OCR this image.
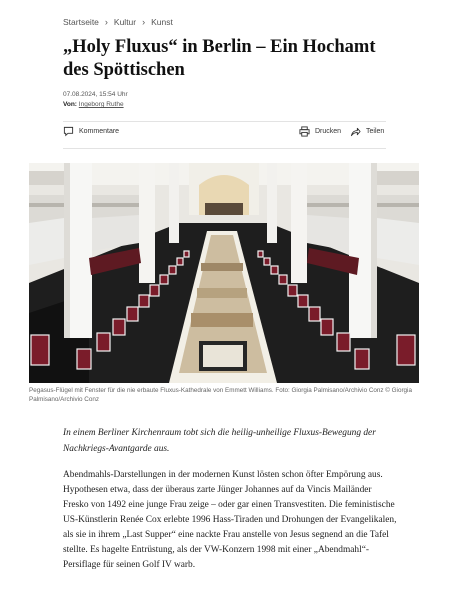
Startseite › Kultur › Kunst
„Holy Fluxus“ in Berlin – Ein Hochamt des Spöttischen
07.08.2024, 15:54 Uhr
Von: Ingeborg Ruthe
Kommentare	Drucken	Teilen
Pegasus-Flügel mit Fenster für die nie erbaute Fluxus-Kathedrale von Emmett Williams. Foto: Giorgia Palmisano/Archivio Conz © Giorgia Palmisano/Archivio Conz

In einem Berliner Kirchenraum tobt sich die heilig-unheilige Fluxus-Bewegung der Nachkriegs-Avantgarde aus.

Abendmahls-Darstellungen in der modernen Kunst lösten schon öfter Empörung aus. Hypothesen etwa, dass der überaus zarte Jünger Johannes auf da Vincis Mailänder Fresko von 1492 eine junge Frau zeige – oder gar einen Transvestiten. Die feministische US-Künstlerin Renée Cox erlebte 1996 Hass-Tiraden und Drohungen der Evangelikalen, als sie in ihrem „Last Supper“ eine nackte Frau anstelle von Jesus segnend an die Tafel stellte. Es hagelte Entrüstung, als der VW-Konzern 1998 mit einer „Abendmahl“-Persiflage für seinen Golf IV warb.
